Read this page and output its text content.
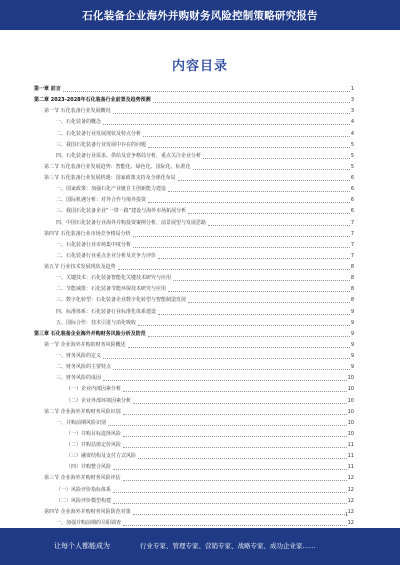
石化装备企业海外并购财务风险控制策略研究报告
内容目录
第一章 前言	1
第二章 2023-2028年石化装备行业前景及趋势预测	3
第一节 石化装备行业发展概况	3
一、石化装备的概念	4
二、石化装备行业发展现状及特点分析	4
三、我国石化装备行业发展中存在的问题	5
四、石化装备行业需求、供给及竞争格局分析，重点关注企业分析	5
第二节 石化装备行业发展趋势：智能化、绿色化、国际化、标准化	5
第三节 石化装备行业发展机遇：国家政策支持及全球化布局	6
一、国家政策：加强石化产业链自主创新能力建设	6
二、国际机遇分析：对外合作与境外投资	6
三、我国石化装备企业“一带一路”建设与海外市场拓展分析	6
四、中国石化装备行业海外并购投资案例分析，前景展望与发展思路	7
第四节 石化装备行业市场竞争格局分析	7
一、石化装备行业市场集中度分析	7
二、石化装备行业重点企业分析及竞争力评价	7
第五节 行业技术发展现状及趋势	8
一、关键技术：石化装备智能化关键技术研究与应用	8
二、节能减排：石化装备节能环保技术研究与应用	8
三、数字化转型：石化装备企业数字化转型与智能制造发展	8
四、标准体系：石化装备行业标准化体系建设	9
五、国际合作：技术引进与消化吸收	9
第三章 石化装备企业海外并购财务风险分析及防范	9
第一节 企业海外并购的财务风险概述	9
一、财务风险的定义	9
二、财务风险的主要特点	9
三、财务风险的成因	10
（一）企业内部因素分析	10
（二）企业外部环境因素分析	10
第二节 企业海外并购财务风险识别	10
一、并购前期风险识别	10
（一）并购目标选择风险	10
（二）并购估值定价风险	11
（三）融资结构及支付方式风险	11
（四）并购整合风险	11
第三节 企业海外并购财务风险评估	12
（一）风险评价指标体系	12
（二）风险评价模型构建	12
第四节 企业海外并购财务风险防范对策	12
一、加强并购前期的尽职调查	12
1
让每个人都能成为	行业专家、管理专家、营销专家、战略专家、成功企业家……
